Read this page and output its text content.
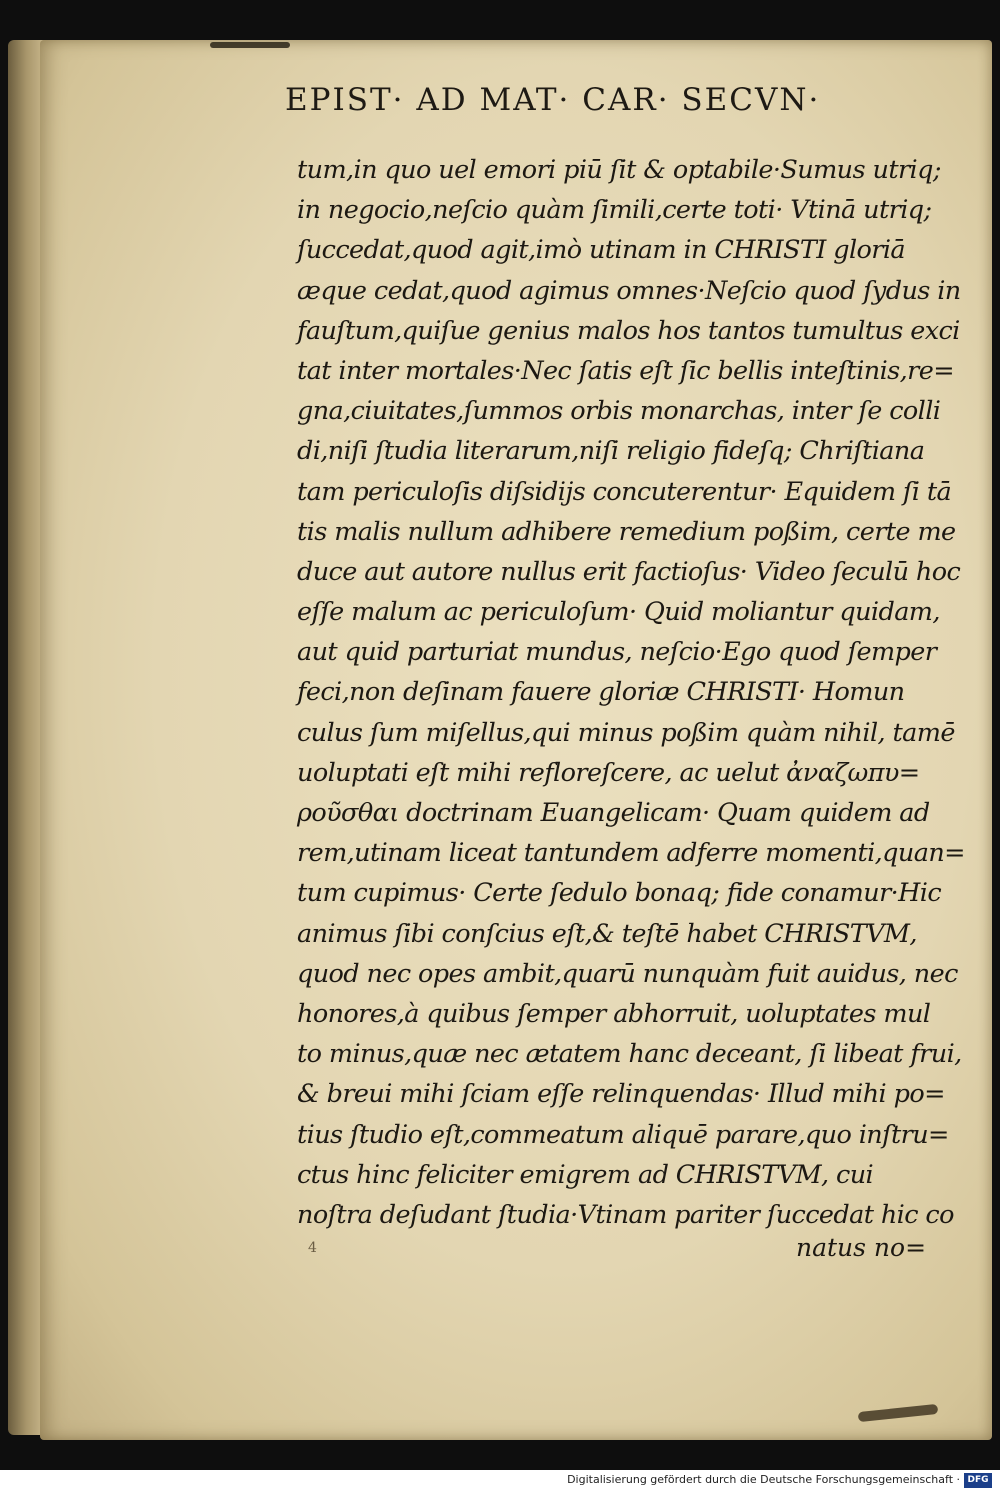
EPIST· AD MAT· CAR· SECVN·
tum,in quo uel emori piū ſit & optabile·Sumus utriq;
in negocio,neſcio quàm ſimili,certe toti· Vtinā utriq;
ſuccedat,quod agit,imò utinam in CHRISTI gloriā
æque cedat,quod agimus omnes·Neſcio quod ſydus in
fauſtum,quiſue genius malos hos tantos tumultus exci
tat inter mortales·Nec ſatis eſt ſic bellis inteſtinis,re=
gna,ciuitates,ſummos orbis monarchas, inter ſe colli
di,niſi ſtudia literarum,niſi religio fideſq; Chriſtiana
tam periculoſis diſsidijs concuterentur· Equidem ſi tā
tis malis nullum adhibere remedium poßim, certe me
duce aut autore nullus erit factioſus· Video ſeculū hoc
eſſe malum ac periculoſum· Quid moliantur quidam,
aut quid parturiat mundus, neſcio·Ego quod ſemper
feci,non deſinam fauere gloriæ CHRISTI· Homun
culus ſum miſellus,qui minus poßim quàm nihil, tamē
uoluptati eſt mihi refloreſcere, ac uelut ἀναζωπυ=
ροῦσθαι doctrinam Euangelicam· Quam quidem ad
rem,utinam liceat tantundem adferre momenti,quan=
tum cupimus· Certe ſedulo bonaq; fide conamur·Hic
animus ſibi conſcius eſt,& teſtē habet CHRISTVM,
quod nec opes ambit,quarū nunquàm fuit auidus, nec
honores,à quibus ſemper abhorruit, uoluptates mul
to minus,quæ nec ætatem hanc deceant, ſi libeat frui,
& breui mihi ſciam eſſe relinquendas· Illud mihi po=
tius ſtudio eſt,commeatum aliquē parare,quo inſtru=
ctus hinc feliciter emigrem ad CHRISTVM, cui
noſtra deſudant ſtudia·Vtinam pariter ſuccedat hic co
4	natus no=
Digitalisierung gefördert durch die Deutsche Forschungsgemeinschaft · DFG
